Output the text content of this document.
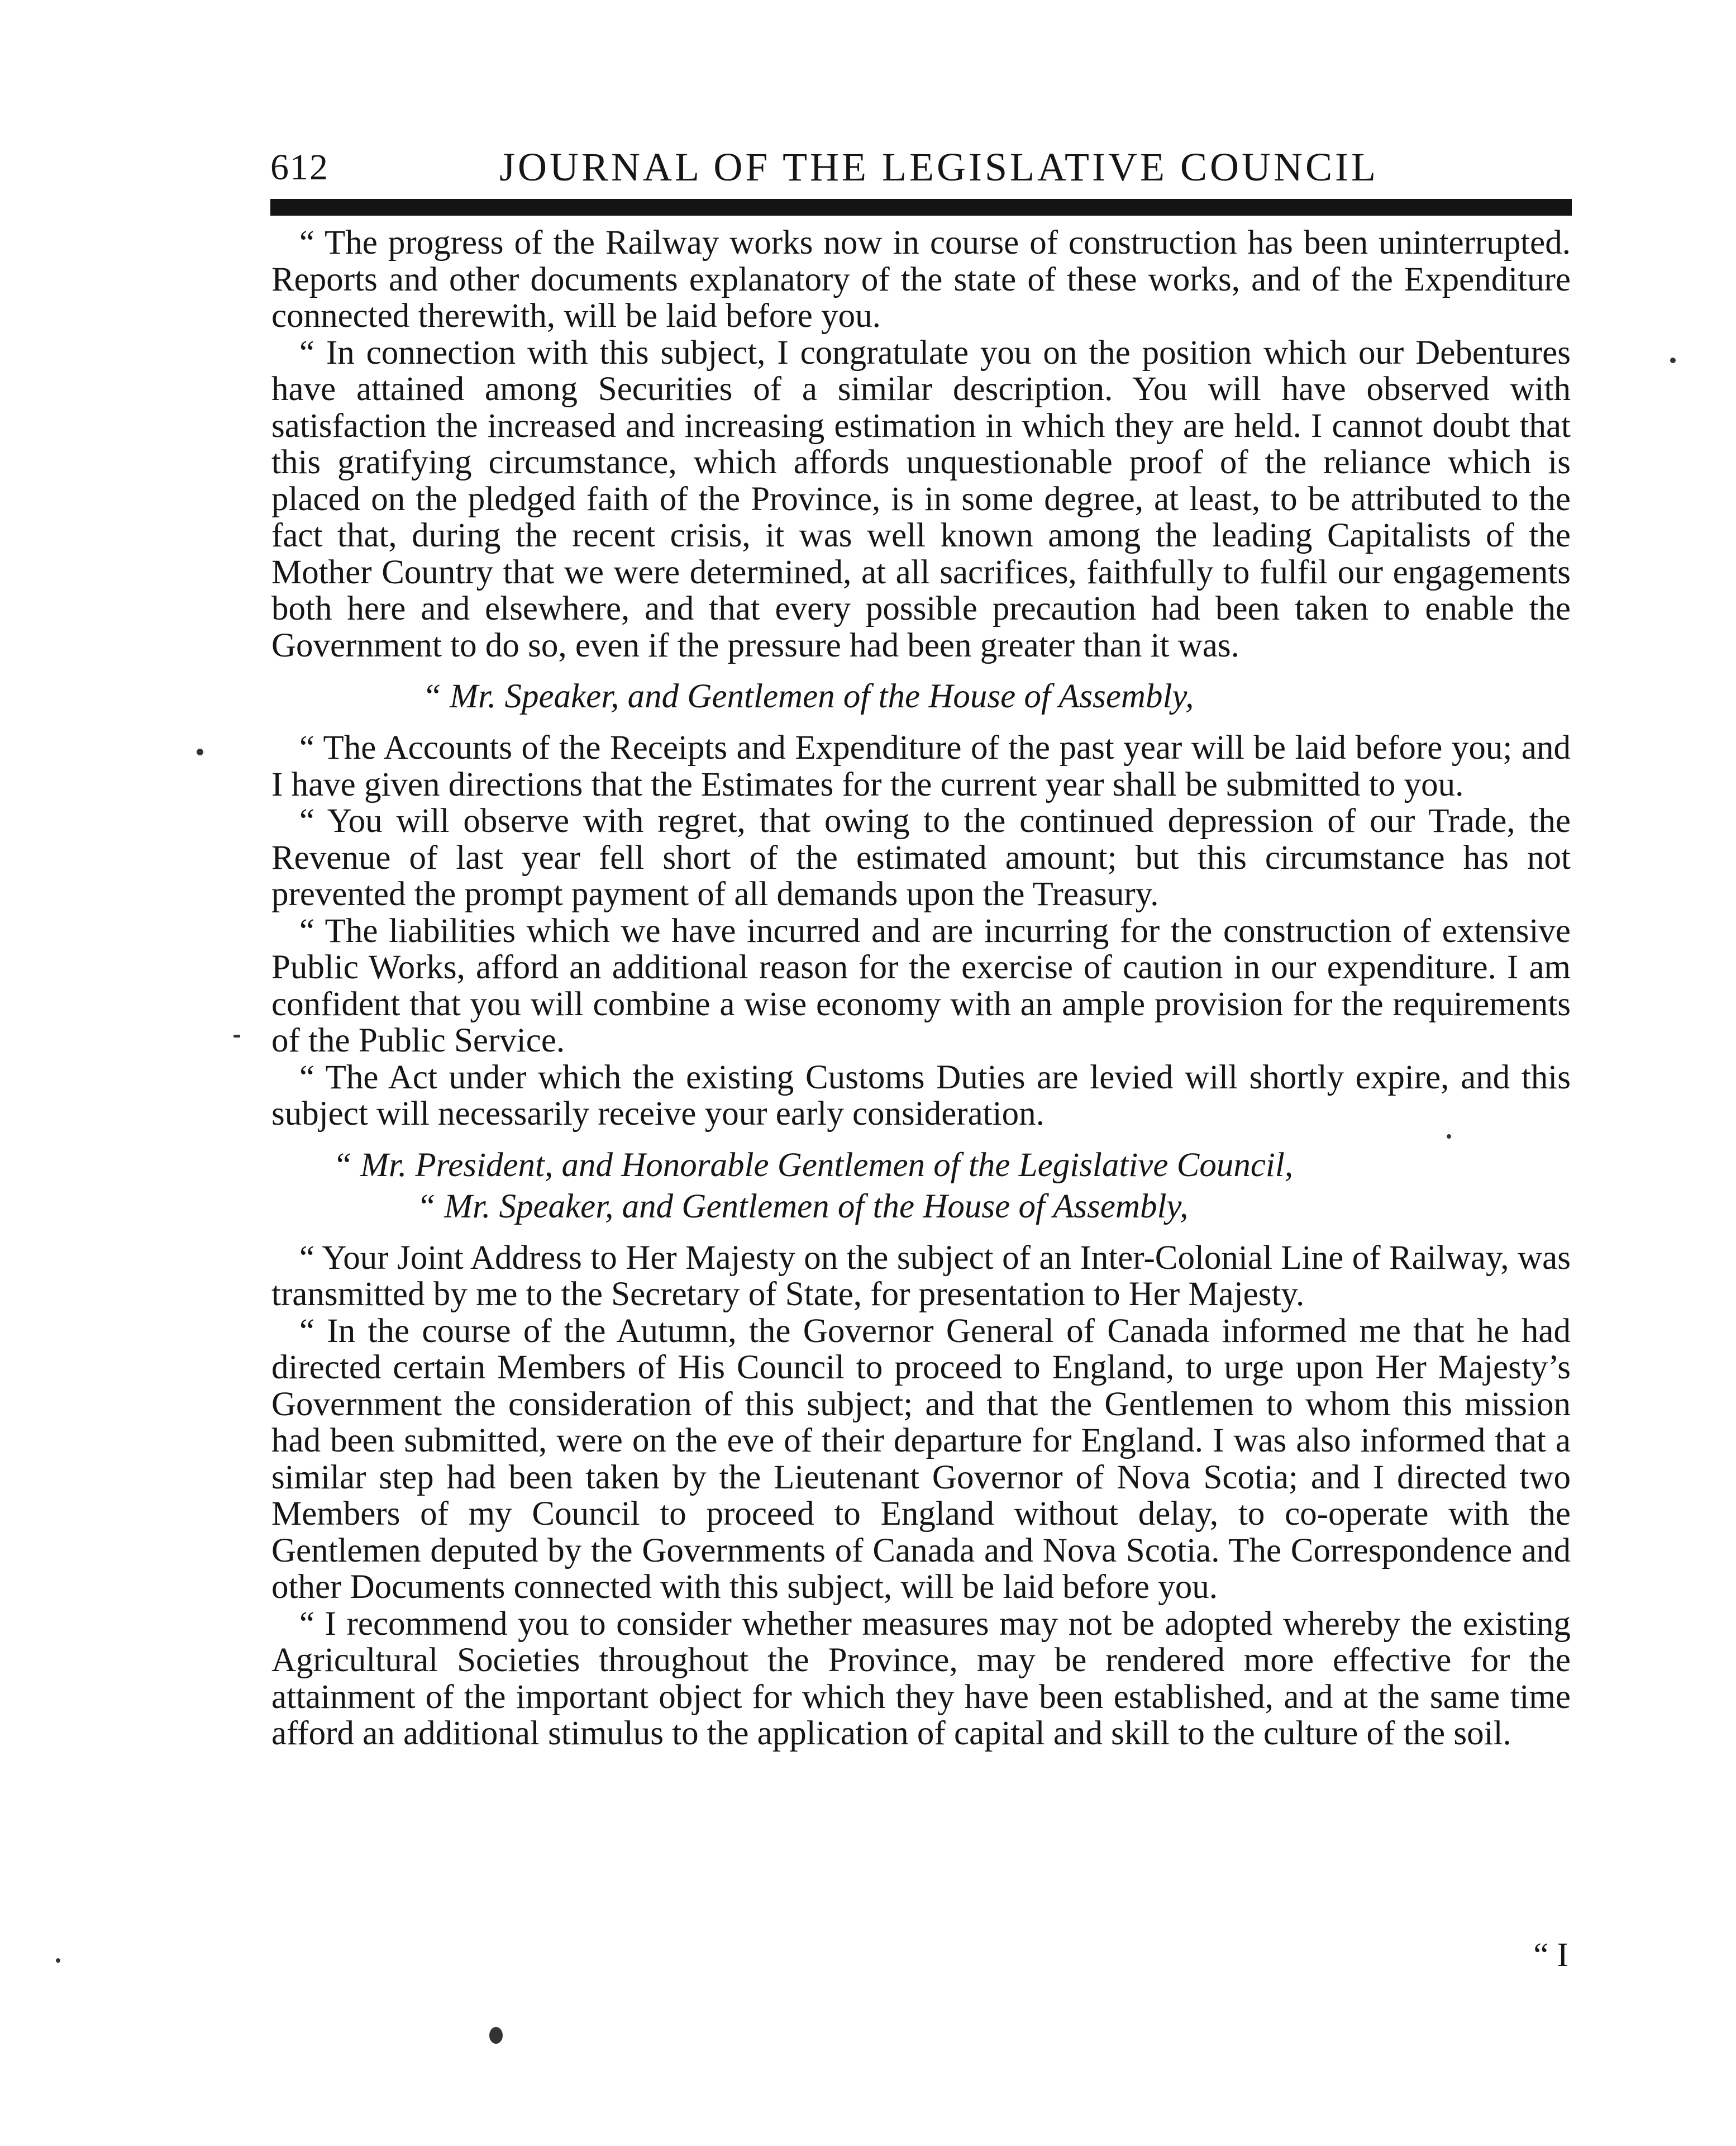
612	JOURNAL OF THE LEGISLATIVE COUNCIL

“ The progress of the Railway works now in course of construction has been uninterrupted. Reports and other documents explanatory of the state of these works, and of the Expenditure connected therewith, will be laid before you.

“ In connection with this subject, I congratulate you on the position which our Debentures have attained among Securities of a similar description. You will have observed with satisfaction the increased and increasing estimation in which they are held. I cannot doubt that this gratifying circumstance, which affords unquestionable proof of the reliance which is placed on the pledged faith of the Province, is in some degree, at least, to be attributed to the fact that, during the recent crisis, it was well known among the leading Capitalists of the Mother Country that we were determined, at all sacrifices, faithfully to fulfil our engagements both here and elsewhere, and that every possible precaution had been taken to enable the Government to do so, even if the pressure had been greater than it was.

“ Mr. Speaker, and Gentlemen of the House of Assembly,

“ The Accounts of the Receipts and Expenditure of the past year will be laid before you; and I have given directions that the Estimates for the current year shall be submitted to you.

“ You will observe with regret, that owing to the continued depression of our Trade, the Revenue of last year fell short of the estimated amount; but this circumstance has not prevented the prompt payment of all demands upon the Treasury.

“ The liabilities which we have incurred and are incurring for the construction of extensive Public Works, afford an additional reason for the exercise of caution in our expenditure. I am confident that you will combine a wise economy with an ample provision for the requirements of the Public Service.

“ The Act under which the existing Customs Duties are levied will shortly expire, and this subject will necessarily receive your early consideration.

“ Mr. President, and Honorable Gentlemen of the Legislative Council,

“ Mr. Speaker, and Gentlemen of the House of Assembly,

“ Your Joint Address to Her Majesty on the subject of an Inter-Colonial Line of Railway, was transmitted by me to the Secretary of State, for presentation to Her Majesty.

“ In the course of the Autumn, the Governor General of Canada informed me that he had directed certain Members of His Council to proceed to England, to urge upon Her Majesty’s Government the consideration of this subject; and that the Gentlemen to whom this mission had been submitted, were on the eve of their departure for England. I was also informed that a similar step had been taken by the Lieutenant Governor of Nova Scotia; and I directed two Members of my Council to proceed to England without delay, to co-operate with the Gentlemen deputed by the Governments of Canada and Nova Scotia. The Correspondence and other Documents connected with this subject, will be laid before you.

“ I recommend you to consider whether measures may not be adopted whereby the existing Agricultural Societies throughout the Province, may be rendered more effective for the attainment of the important object for which they have been established, and at the same time afford an additional stimulus to the application of capital and skill to the culture of the soil.

“ I
